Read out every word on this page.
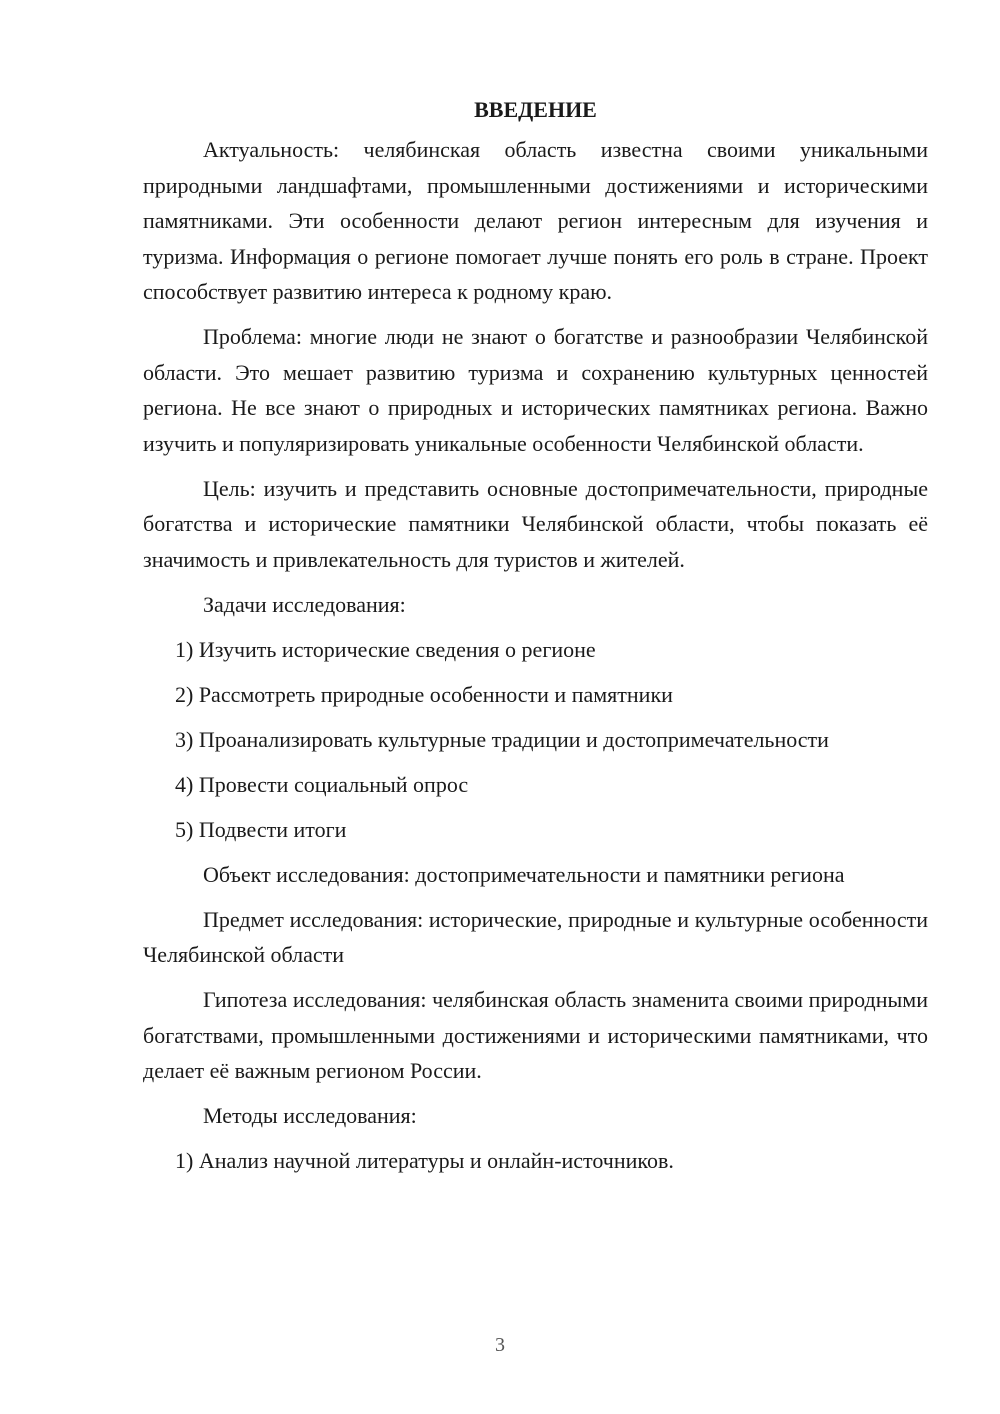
ВВЕДЕНИЕ

Актуальность: челябинская область известна своими уникальными природными ландшафтами, промышленными достижениями и историческими памятниками. Эти особенности делают регион интересным для изучения и туризма. Информация о регионе помогает лучше понять его роль в стране. Проект способствует развитию интереса к родному краю.

Проблема: многие люди не знают о богатстве и разнообразии Челябинской области. Это мешает развитию туризма и сохранению культурных ценностей региона. Не все знают о природных и исторических памятниках региона. Важно изучить и популяризировать уникальные особенности Челябинской области.

Цель: изучить и представить основные достопримечательности, природные богатства и исторические памятники Челябинской области, чтобы показать её значимость и привлекательность для туристов и жителей.

Задачи исследования:

1) Изучить исторические сведения о регионе
2) Рассмотреть природные особенности и памятники
3) Проанализировать культурные традиции и достопримечательности
4) Провести социальный опрос
5) Подвести итоги

Объект исследования: достопримечательности и памятники региона

Предмет исследования: исторические, природные и культурные особенности Челябинской области

Гипотеза исследования: челябинская область знаменита своими природными богатствами, промышленными достижениями и историческими памятниками, что делает её важным регионом России.

Методы исследования:

1) Анализ научной литературы и онлайн-источников.
3
